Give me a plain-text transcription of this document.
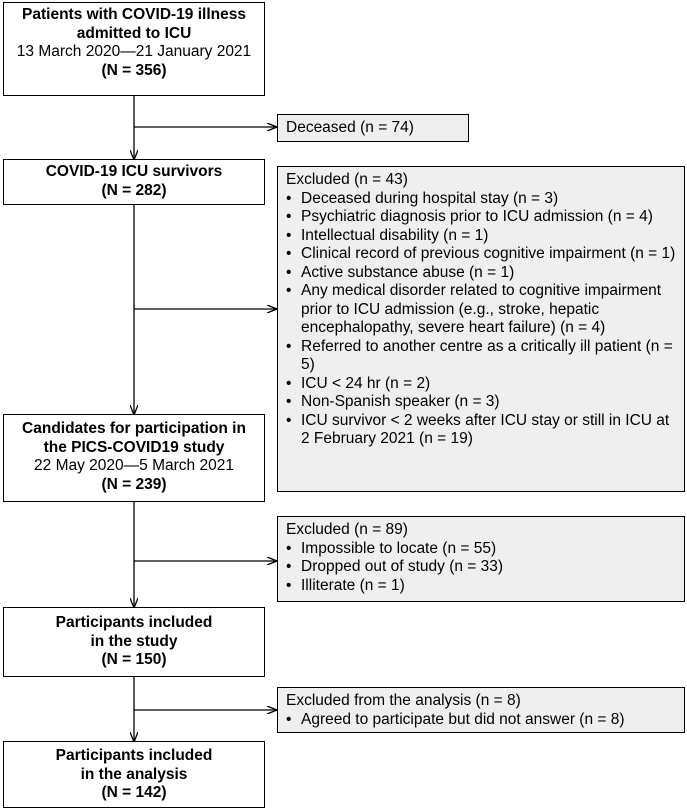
Patients with COVID-19 illness
admitted to ICU
13 March 2020—21 January 2021
(N = 356)
COVID-19 ICU survivors
(N = 282)
Candidates for participation in
the PICS-COVID19 study
22 May 2020—5 March 2021
(N = 239)
Participants included
in the study
(N = 150)
Participants included
in the analysis
(N = 142)
Deceased (n = 74)
Excluded (n = 43)
• Deceased during hospital stay (n = 3)
• Psychiatric diagnosis prior to ICU admission (n = 4)
• Intellectual disability (n = 1)
• Clinical record of previous cognitive impairment (n = 1)
• Active substance abuse (n = 1)
• Any medical disorder related to cognitive impairment prior to ICU admission (e.g., stroke, hepatic encephalopathy, severe heart failure) (n = 4)
• Referred to another centre as a critically ill patient (n = 5)
• ICU < 24 hr (n = 2)
• Non-Spanish speaker (n = 3)
• ICU survivor < 2 weeks after ICU stay or still in ICU at 2 February 2021 (n = 19)
Excluded (n = 89)
• Impossible to locate (n = 55)
• Dropped out of study (n = 33)
• Illiterate (n = 1)
Excluded from the analysis (n = 8)
• Agreed to participate but did not answer (n = 8)
